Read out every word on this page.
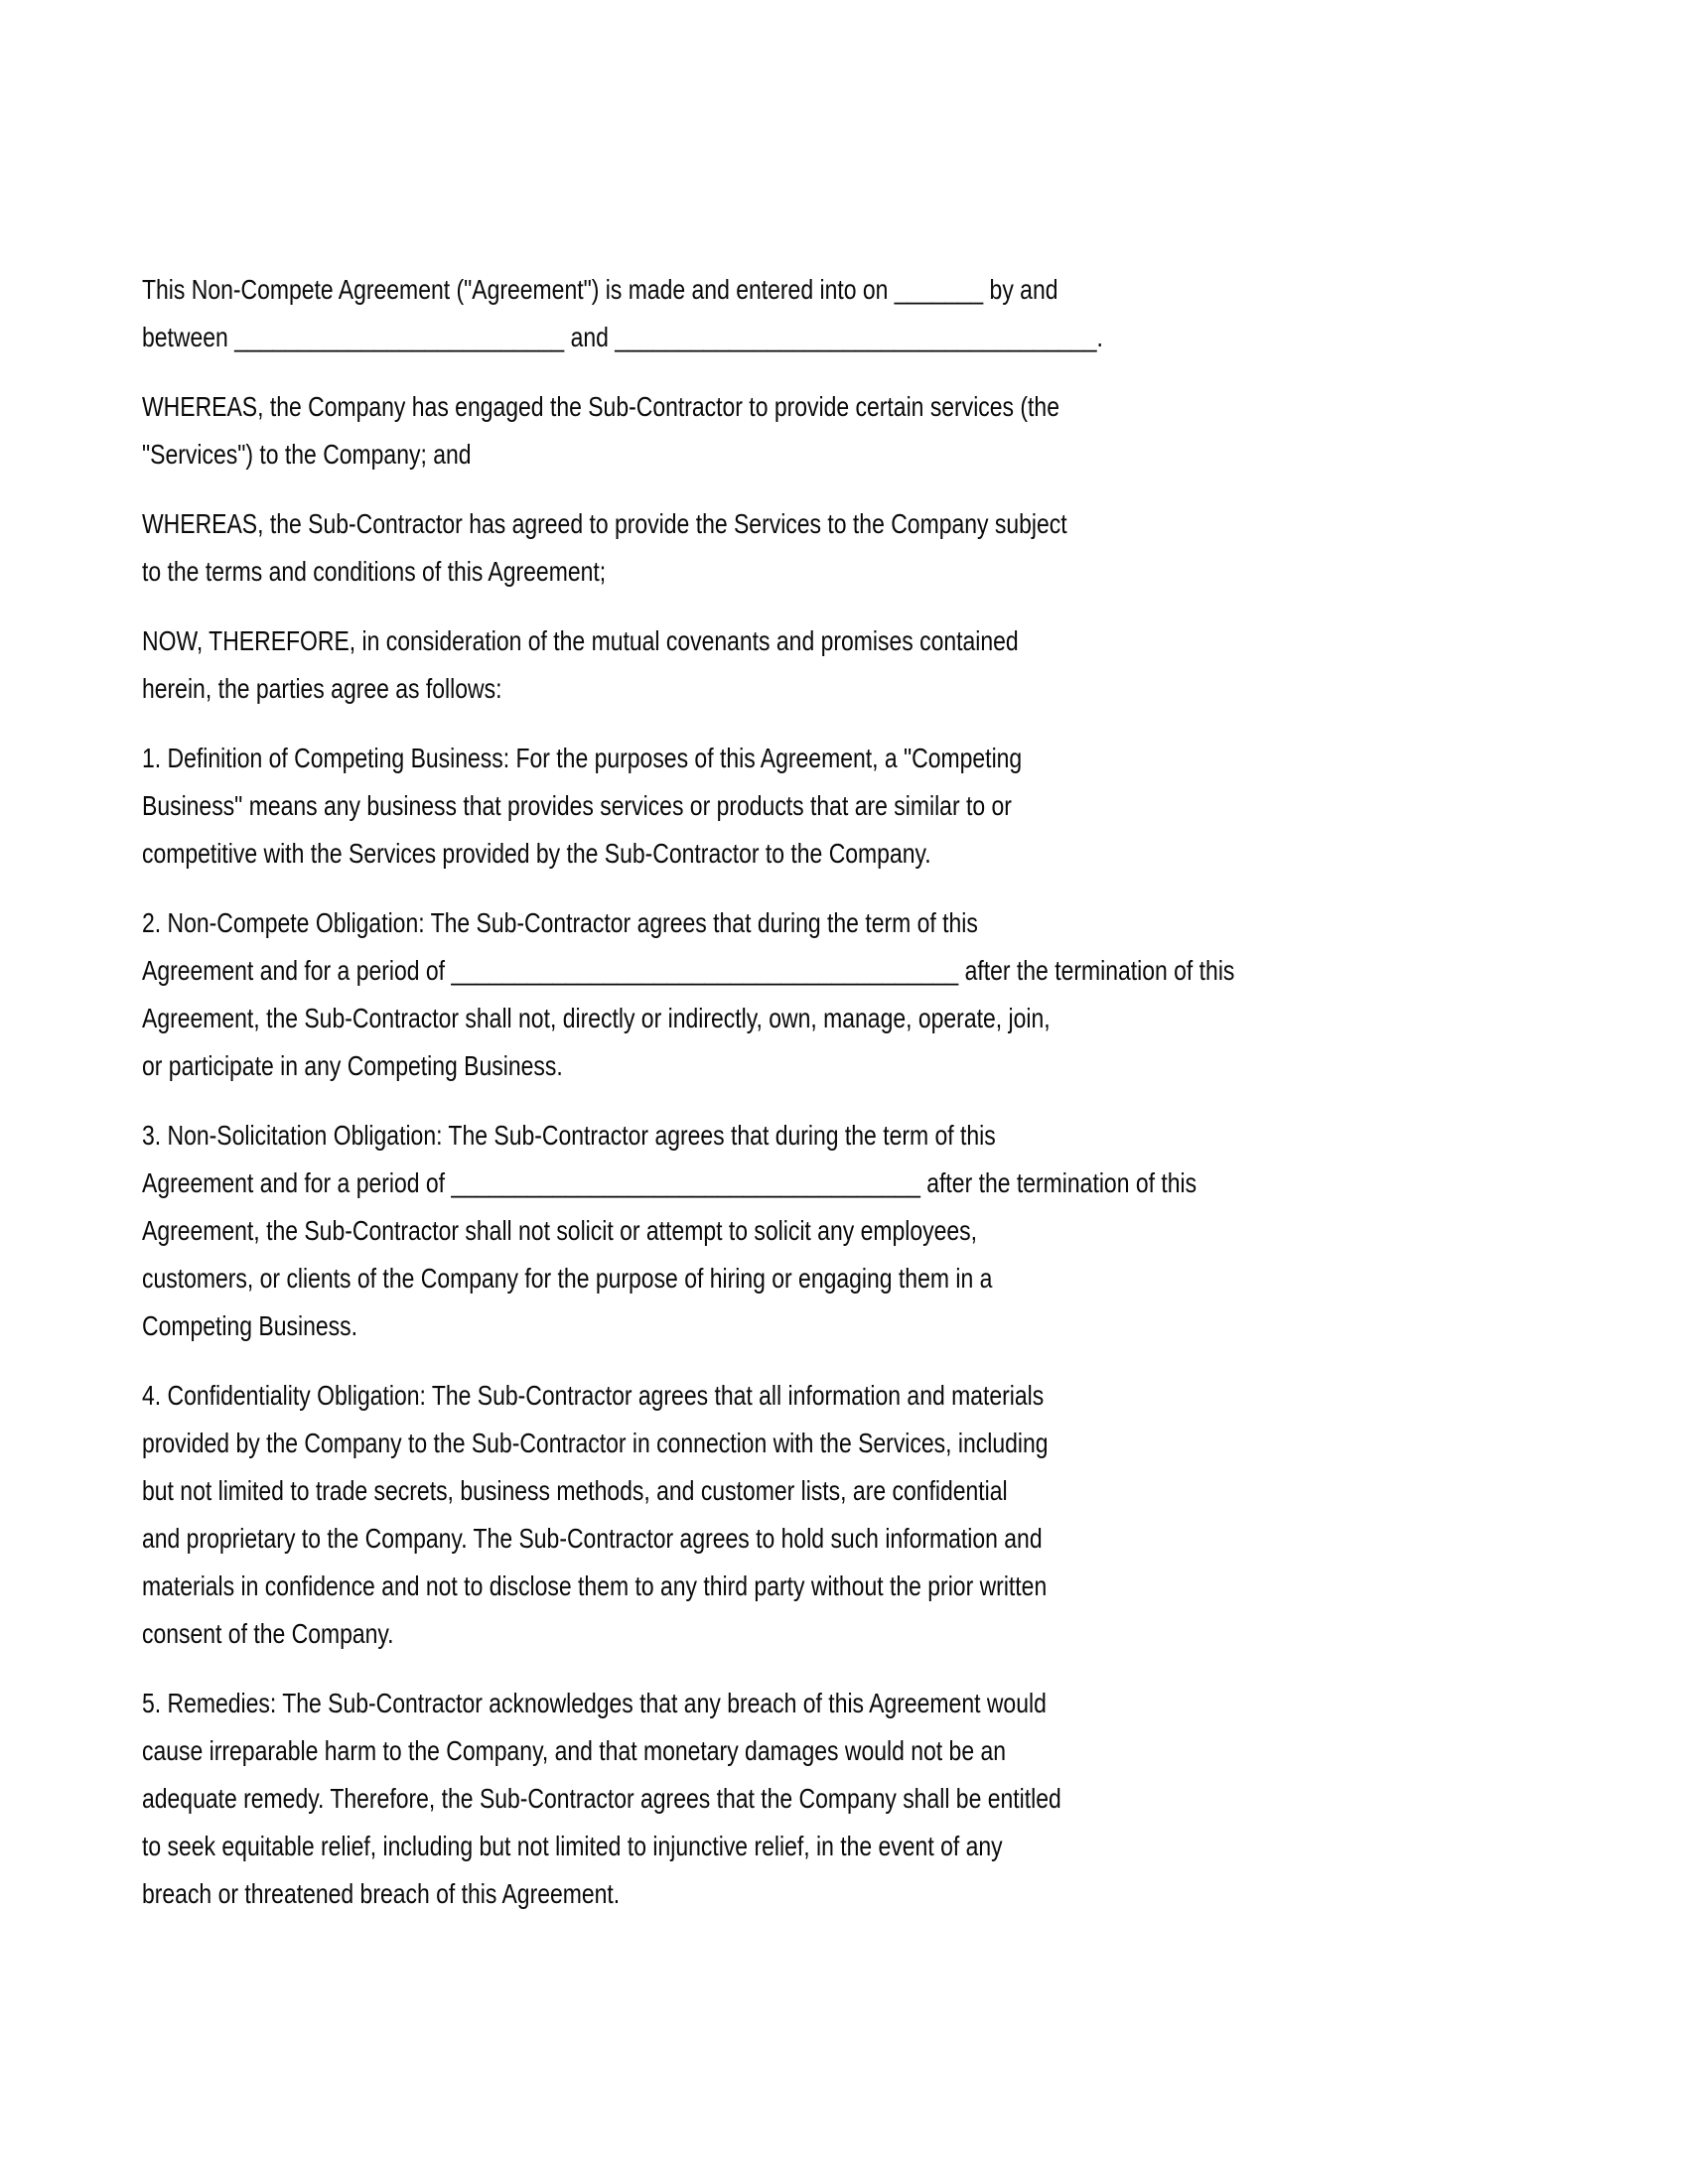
This Non-Compete Agreement ("Agreement") is made and entered into on _______ by and
between __________________________ and ______________________________________.
WHEREAS, the Company has engaged the Sub-Contractor to provide certain services (the
"Services") to the Company; and
WHEREAS, the Sub-Contractor has agreed to provide the Services to the Company subject
to the terms and conditions of this Agreement;
NOW, THEREFORE, in consideration of the mutual covenants and promises contained
herein, the parties agree as follows:
1. Definition of Competing Business: For the purposes of this Agreement, a "Competing
Business" means any business that provides services or products that are similar to or
competitive with the Services provided by the Sub-Contractor to the Company.
2. Non-Compete Obligation: The Sub-Contractor agrees that during the term of this
Agreement and for a period of ________________________________________ after the termination of this
Agreement, the Sub-Contractor shall not, directly or indirectly, own, manage, operate, join,
or participate in any Competing Business.
3. Non-Solicitation Obligation: The Sub-Contractor agrees that during the term of this
Agreement and for a period of _____________________________________ after the termination of this
Agreement, the Sub-Contractor shall not solicit or attempt to solicit any employees,
customers, or clients of the Company for the purpose of hiring or engaging them in a
Competing Business.
4. Confidentiality Obligation: The Sub-Contractor agrees that all information and materials
provided by the Company to the Sub-Contractor in connection with the Services, including
but not limited to trade secrets, business methods, and customer lists, are confidential
and proprietary to the Company. The Sub-Contractor agrees to hold such information and
materials in confidence and not to disclose them to any third party without the prior written
consent of the Company.
5. Remedies: The Sub-Contractor acknowledges that any breach of this Agreement would
cause irreparable harm to the Company, and that monetary damages would not be an
adequate remedy. Therefore, the Sub-Contractor agrees that the Company shall be entitled
to seek equitable relief, including but not limited to injunctive relief, in the event of any
breach or threatened breach of this Agreement.
